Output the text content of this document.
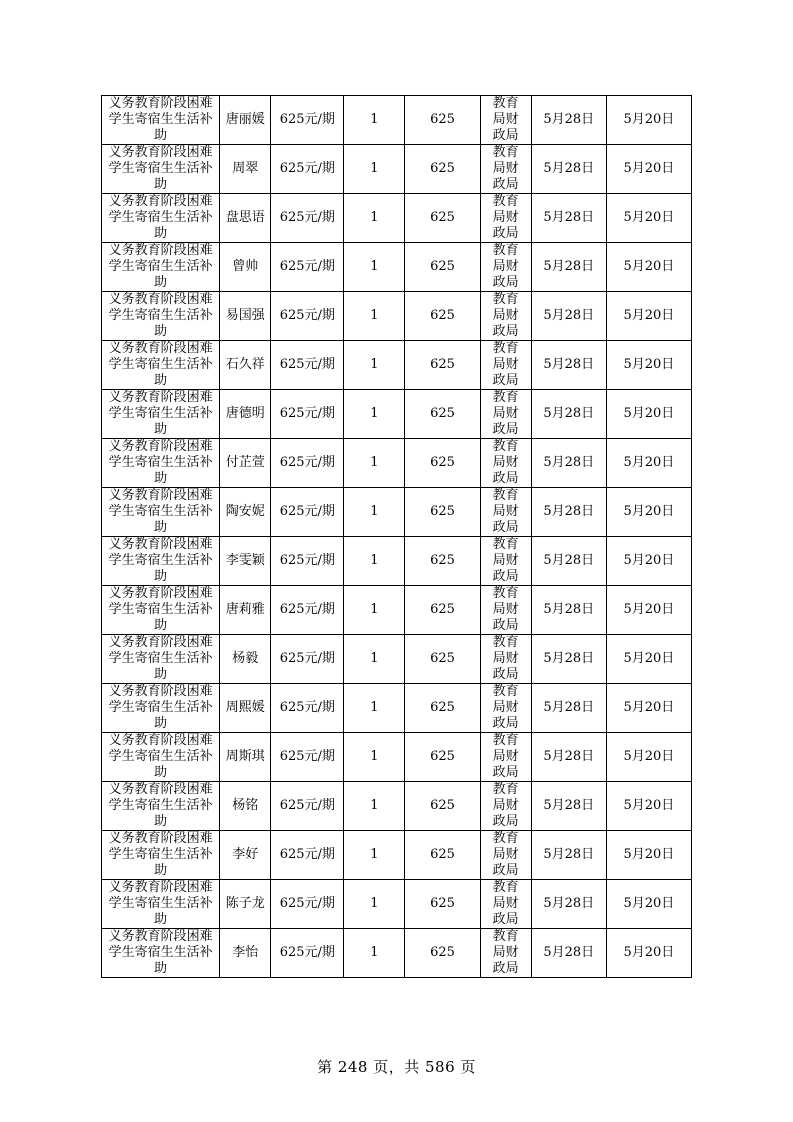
义务教育阶段困难学生寄宿生生活补助	唐丽媛	625元/期	1	625	教育局财政局	5月28日	5月20日

义务教育阶段困难学生寄宿生生活补助	周翠	625元/期	1	625	教育局财政局	5月28日	5月20日

义务教育阶段困难学生寄宿生生活补助	盘思语	625元/期	1	625	教育局财政局	5月28日	5月20日

义务教育阶段困难学生寄宿生生活补助	曾帅	625元/期	1	625	教育局财政局	5月28日	5月20日

义务教育阶段困难学生寄宿生生活补助	易国强	625元/期	1	625	教育局财政局	5月28日	5月20日

义务教育阶段困难学生寄宿生生活补助	石久祥	625元/期	1	625	教育局财政局	5月28日	5月20日

义务教育阶段困难学生寄宿生生活补助	唐德明	625元/期	1	625	教育局财政局	5月28日	5月20日

义务教育阶段困难学生寄宿生生活补助	付芷萱	625元/期	1	625	教育局财政局	5月28日	5月20日

义务教育阶段困难学生寄宿生生活补助	陶安妮	625元/期	1	625	教育局财政局	5月28日	5月20日

义务教育阶段困难学生寄宿生生活补助	李雯颖	625元/期	1	625	教育局财政局	5月28日	5月20日

义务教育阶段困难学生寄宿生生活补助	唐莉雅	625元/期	1	625	教育局财政局	5月28日	5月20日

义务教育阶段困难学生寄宿生生活补助	杨毅	625元/期	1	625	教育局财政局	5月28日	5月20日

义务教育阶段困难学生寄宿生生活补助	周熙媛	625元/期	1	625	教育局财政局	5月28日	5月20日

义务教育阶段困难学生寄宿生生活补助	周斯琪	625元/期	1	625	教育局财政局	5月28日	5月20日

义务教育阶段困难学生寄宿生生活补助	杨铭	625元/期	1	625	教育局财政局	5月28日	5月20日

义务教育阶段困难学生寄宿生生活补助	李好	625元/期	1	625	教育局财政局	5月28日	5月20日

义务教育阶段困难学生寄宿生生活补助	陈子龙	625元/期	1	625	教育局财政局	5月28日	5月20日

义务教育阶段困难学生寄宿生生活补助	李怡	625元/期	1	625	教育局财政局	5月28日	5月20日
第 248 页，共 586 页
